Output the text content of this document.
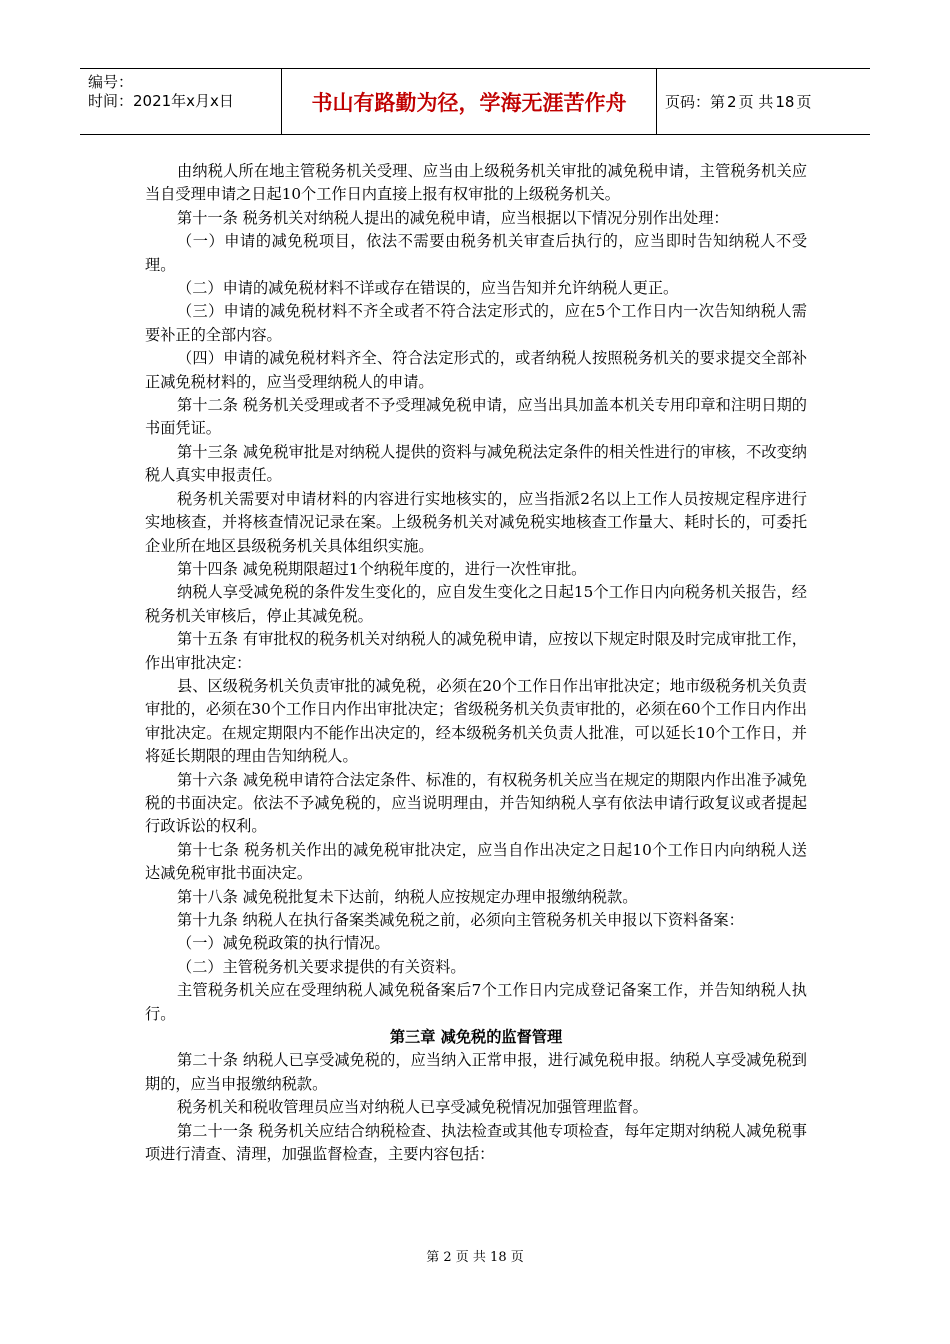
编号：
时间：2021年x月x日	书山有路勤为径，学海无涯苦作舟	页码：第 2 页 共 18 页

由纳税人所在地主管税务机关受理、应当由上级税务机关审批的减免税申请，主管税务机关应当自受理申请之日起10个工作日内直接上报有权审批的上级税务机关。

第十一条 税务机关对纳税人提出的减免税申请，应当根据以下情况分别作出处理：

（一）申请的减免税项目，依法不需要由税务机关审查后执行的，应当即时告知纳税人不受理。

（二）申请的减免税材料不详或存在错误的，应当告知并允许纳税人更正。

（三）申请的减免税材料不齐全或者不符合法定形式的，应在5个工作日内一次告知纳税人需要补正的全部内容。

（四）申请的减免税材料齐全、符合法定形式的，或者纳税人按照税务机关的要求提交全部补正减免税材料的，应当受理纳税人的申请。

第十二条 税务机关受理或者不予受理减免税申请，应当出具加盖本机关专用印章和注明日期的书面凭证。

第十三条 减免税审批是对纳税人提供的资料与减免税法定条件的相关性进行的审核，不改变纳税人真实申报责任。

税务机关需要对申请材料的内容进行实地核实的，应当指派2名以上工作人员按规定程序进行实地核查，并将核查情况记录在案。上级税务机关对减免税实地核查工作量大、耗时长的，可委托企业所在地区县级税务机关具体组织实施。

第十四条 减免税期限超过1个纳税年度的，进行一次性审批。

纳税人享受减免税的条件发生变化的，应自发生变化之日起15个工作日内向税务机关报告，经税务机关审核后，停止其减免税。

第十五条 有审批权的税务机关对纳税人的减免税申请，应按以下规定时限及时完成审批工作，作出审批决定：

县、区级税务机关负责审批的减免税，必须在20个工作日作出审批决定；地市级税务机关负责审批的，必须在30个工作日内作出审批决定；省级税务机关负责审批的，必须在60个工作日内作出审批决定。在规定期限内不能作出决定的，经本级税务机关负责人批准，可以延长10个工作日，并将延长期限的理由告知纳税人。

第十六条 减免税申请符合法定条件、标准的，有权税务机关应当在规定的期限内作出准予减免税的书面决定。依法不予减免税的，应当说明理由，并告知纳税人享有依法申请行政复议或者提起行政诉讼的权利。

第十七条 税务机关作出的减免税审批决定，应当自作出决定之日起10个工作日内向纳税人送达减免税审批书面决定。

第十八条 减免税批复未下达前，纳税人应按规定办理申报缴纳税款。

第十九条 纳税人在执行备案类减免税之前，必须向主管税务机关申报以下资料备案：

（一）减免税政策的执行情况。

（二）主管税务机关要求提供的有关资料。

主管税务机关应在受理纳税人减免税备案后7个工作日内完成登记备案工作，并告知纳税人执行。

第三章 减免税的监督管理

第二十条 纳税人已享受减免税的，应当纳入正常申报，进行减免税申报。纳税人享受减免税到期的，应当申报缴纳税款。

税务机关和税收管理员应当对纳税人已享受减免税情况加强管理监督。

第二十一条 税务机关应结合纳税检查、执法检查或其他专项检查，每年定期对纳税人减免税事项进行清查、清理，加强监督检查，主要内容包括：

第 2 页 共 18 页
